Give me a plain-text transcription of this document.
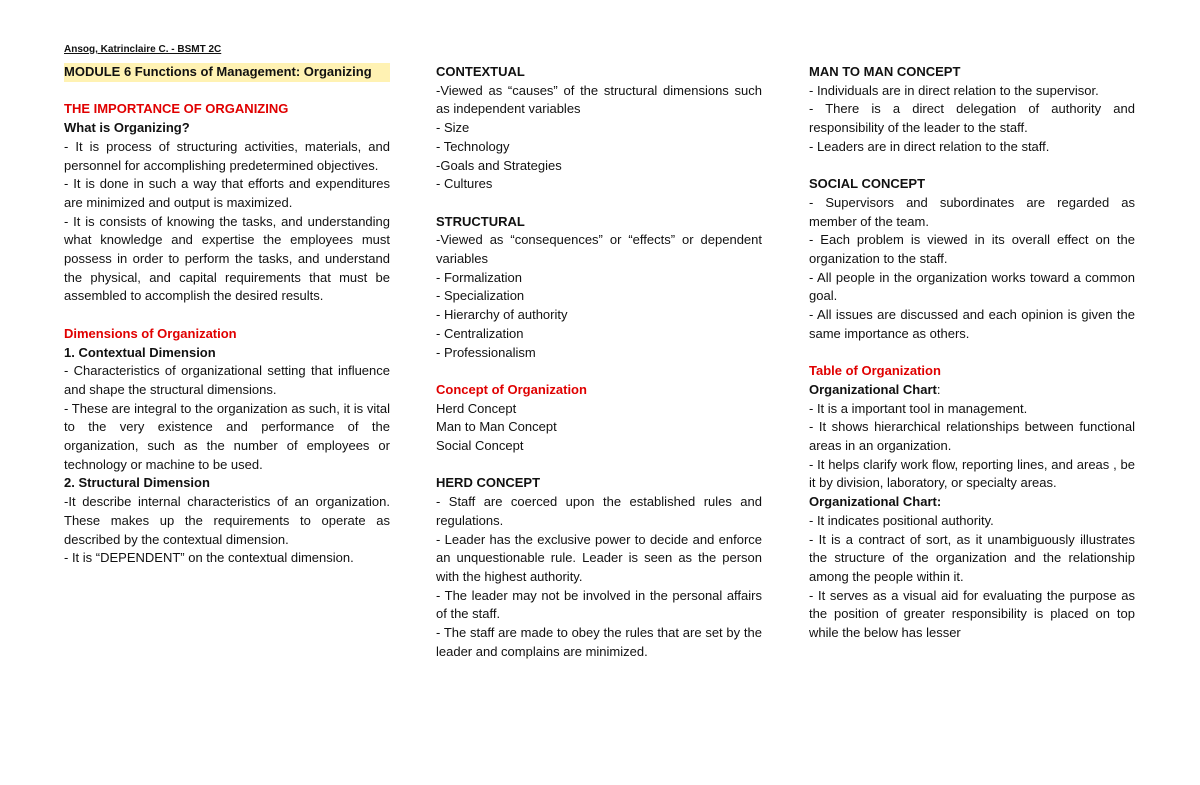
Ansog, Katrinclaire C. - BSMT 2C

MODULE 6 Functions of Management: Organizing

THE IMPORTANCE OF ORGANIZING

What is Organizing?

- It is process of structuring activities, materials, and personnel for accomplishing predetermined objectives.

- It is done in such a way that efforts and expenditures are minimized and output is maximized.

- It is consists of knowing the tasks, and understanding what knowledge and expertise the employees must possess in order to perform the tasks, and understand the physical, and capital requirements that must be assembled to accomplish the desired results.

Dimensions of Organization

1. Contextual Dimension

- Characteristics of organizational setting that influence and shape the structural dimensions.

- These are integral to the organization as such, it is vital to the very existence and performance of the organization, such as the number of employees or technology or machine to be used.

2. Structural Dimension

-It describe internal characteristics of an organization. These makes up the requirements to operate as described by the contextual dimension.

- It is “DEPENDENT” on the contextual dimension.

CONTEXTUAL

-Viewed as “causes” of the structural dimensions such as independent variables

- Size

- Technology

-Goals and Strategies

- Cultures

STRUCTURAL

-Viewed as “consequences” or “effects” or dependent variables

- Formalization

- Specialization

- Hierarchy of authority

- Centralization

- Professionalism

Concept of Organization

Herd Concept

Man to Man Concept

Social Concept

HERD CONCEPT

- Staff are coerced upon the established rules and regulations.

- Leader has the exclusive power to decide and enforce an unquestionable rule. Leader is seen as the person with the highest authority.

- The leader may not be involved in the personal affairs of the staff.

- The staff are made to obey the rules that are set by the leader and complains are minimized.

MAN TO MAN CONCEPT

- Individuals are in direct relation to the supervisor.

- There is a direct delegation of authority and responsibility of the leader to the staff.

- Leaders are in direct relation to the staff.

SOCIAL CONCEPT

- Supervisors and subordinates are regarded as member of the team.

- Each problem is viewed in its overall effect on the organization to the staff.

- All people in the organization works toward a common goal.

- All issues are discussed and each opinion is given the same importance as others.

Table of Organization

Organizational Chart:

- It is a important tool in management.

- It shows hierarchical relationships between functional areas in an organization.

- It helps clarify work flow, reporting lines, and areas , be it by division, laboratory, or specialty areas.

Organizational Chart:

- It indicates positional authority.

- It is a contract of sort, as it unambiguously illustrates the structure of the organization and the relationship among the people within it.

- It serves as a visual aid for evaluating the purpose as the position of greater responsibility is placed on top while the below has lesser
